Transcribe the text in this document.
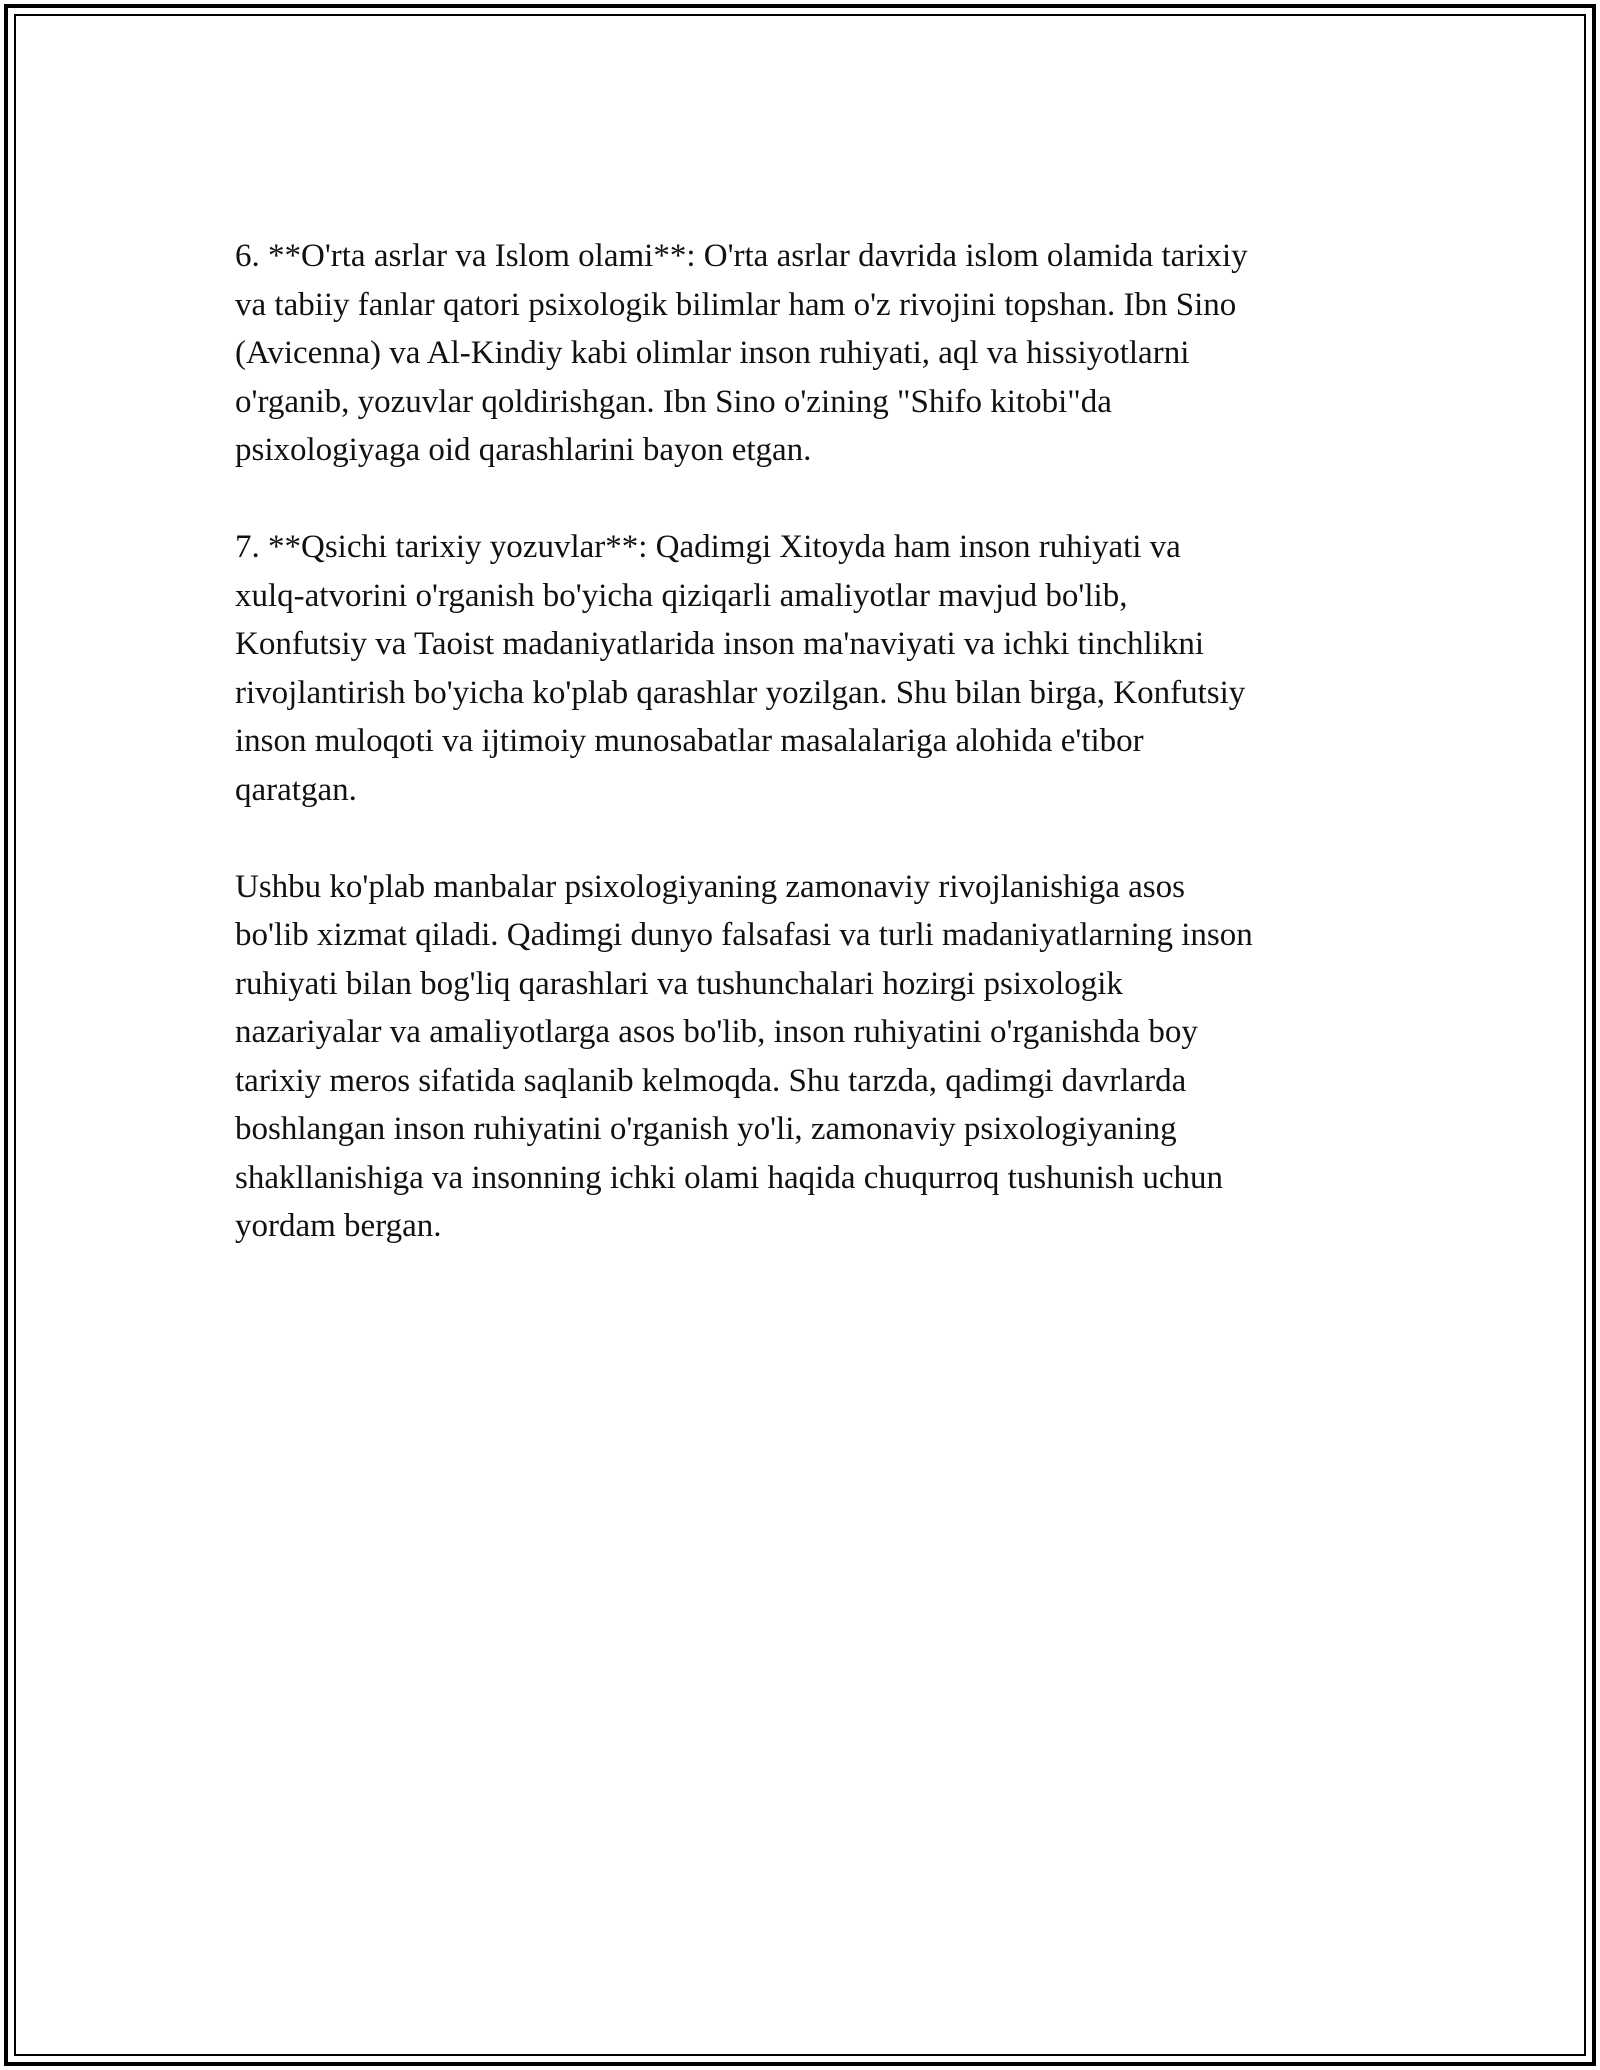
6. **O'rta asrlar va Islom olami**: O'rta asrlar davrida islom olamida tarixiy
va tabiiy fanlar qatori psixologik bilimlar ham o'z rivojini topshan. Ibn Sino
(Avicenna) va Al-Kindiy kabi olimlar inson ruhiyati, aql va hissiyotlarni
o'rganib, yozuvlar qoldirishgan. Ibn Sino o'zining "Shifo kitobi"da
psixologiyaga oid qarashlarini bayon etgan.

7. **Qsichi tarixiy yozuvlar**: Qadimgi Xitoyda ham inson ruhiyati va
xulq-atvorini o'rganish bo'yicha qiziqarli amaliyotlar mavjud bo'lib,
Konfutsiy va Taoist madaniyatlarida inson ma'naviyati va ichki tinchlikni
rivojlantirish bo'yicha ko'plab qarashlar yozilgan. Shu bilan birga, Konfutsiy
inson muloqoti va ijtimoiy munosabatlar masalalariga alohida e'tibor
qaratgan.

Ushbu ko'plab manbalar psixologiyaning zamonaviy rivojlanishiga asos
bo'lib xizmat qiladi. Qadimgi dunyo falsafasi va turli madaniyatlarning inson
ruhiyati bilan bog'liq qarashlari va tushunchalari hozirgi psixologik
nazariyalar va amaliyotlarga asos bo'lib, inson ruhiyatini o'rganishda boy
tarixiy meros sifatida saqlanib kelmoqda. Shu tarzda, qadimgi davrlarda
boshlangan inson ruhiyatini o'rganish yo'li, zamonaviy psixologiyaning
shakllanishiga va insonning ichki olami haqida chuqurroq tushunish uchun
yordam bergan.
